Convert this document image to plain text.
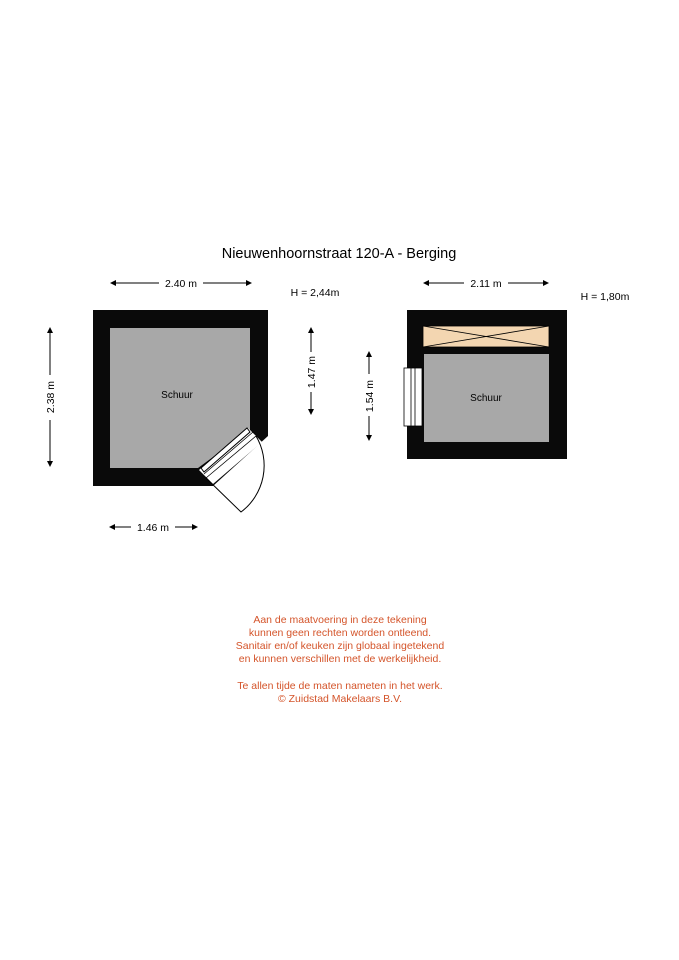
Nieuwenhoornstraat 120-A - Berging
Schuur
2.40 m
H = 2,44m
2.38 m
1.47 m
1.46 m
Schuur
2.11 m
H = 1,80m
1.54 m
Aan de maatvoering in deze tekening
kunnen geen rechten worden ontleend.
Sanitair en/of keuken zijn globaal ingetekend
en kunnen verschillen met de werkelijkheid.
Te allen tijde de maten nameten in het werk.
© Zuidstad Makelaars B.V.
